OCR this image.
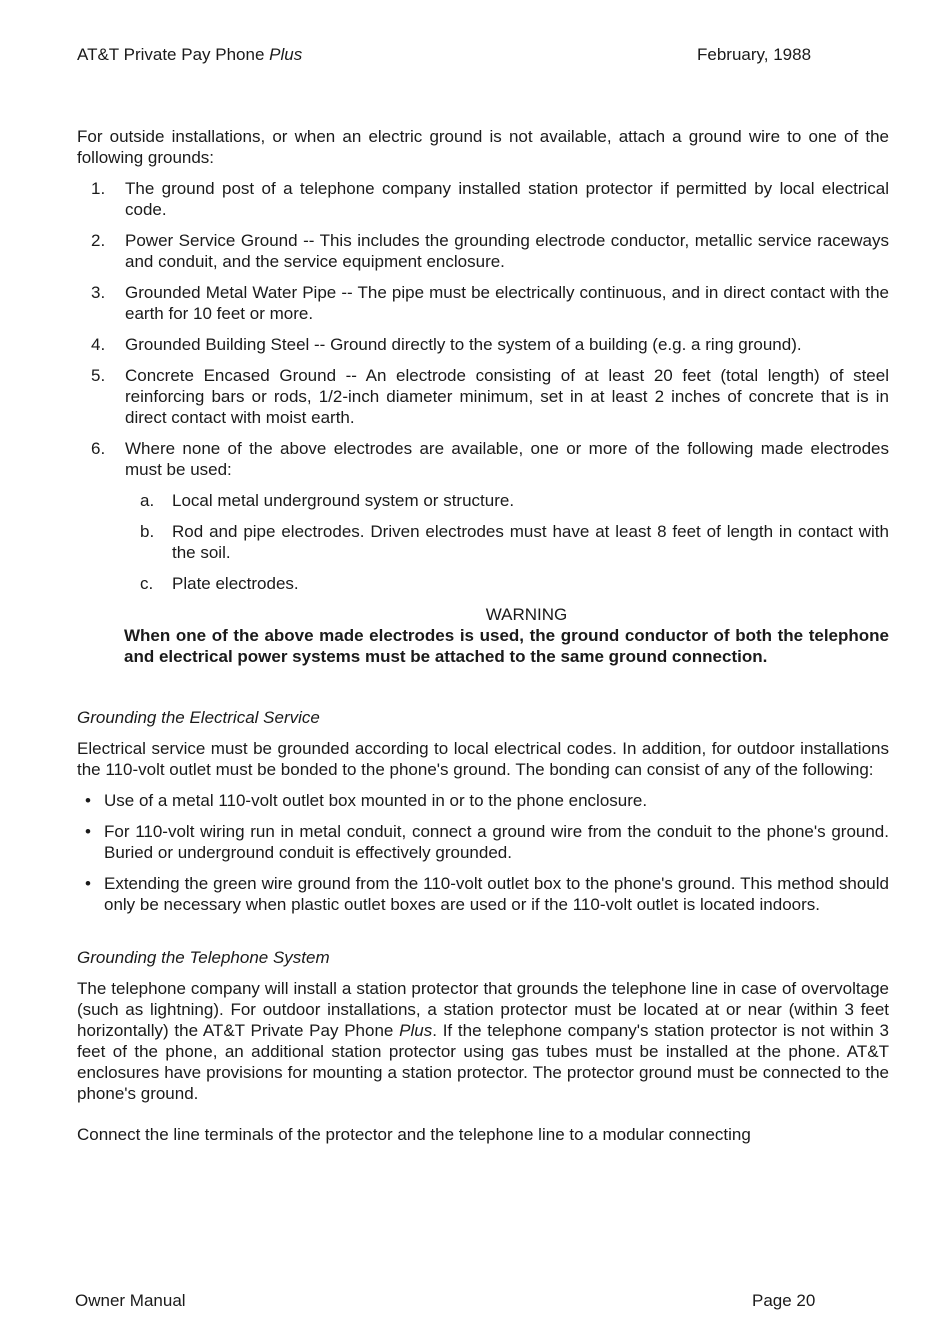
AT&T Private Pay Phone Plus	February, 1988

For outside installations, or when an electric ground is not available, attach a ground wire to one of the following grounds:

1. The ground post of a telephone company installed station protector if permitted by local electrical code.
2. Power Service Ground -- This includes the grounding electrode conductor, metallic service raceways and conduit, and the service equipment enclosure.
3. Grounded Metal Water Pipe -- The pipe must be electrically continuous, and in direct contact with the earth for 10 feet or more.
4. Grounded Building Steel -- Ground directly to the system of a building (e.g. a ring ground).
5. Concrete Encased Ground -- An electrode consisting of at least 20 feet (total length) of steel reinforcing bars or rods, 1/2-inch diameter minimum, set in at least 2 inches of concrete that is in direct contact with moist earth.
6. Where none of the above electrodes are available, one or more of the following made electrodes must be used:
a. Local metal underground system or structure.
b. Rod and pipe electrodes. Driven electrodes must have at least 8 feet of length in contact with the soil.
c. Plate electrodes.
WARNING
When one of the above made electrodes is used, the ground conductor of both the telephone and electrical power systems must be attached to the same ground connection.
Grounding the Electrical Service

Electrical service must be grounded according to local electrical codes. In addition, for outdoor installations the 110-volt outlet must be bonded to the phone's ground. The bonding can consist of any of the following:

• Use of a metal 110-volt outlet box mounted in or to the phone enclosure.
• For 110-volt wiring run in metal conduit, connect a ground wire from the conduit to the phone's ground. Buried or underground conduit is effectively grounded.
• Extending the green wire ground from the 110-volt outlet box to the phone's ground. This method should only be necessary when plastic outlet boxes are used or if the 110-volt outlet is located indoors.
Grounding the Telephone System

The telephone company will install a station protector that grounds the telephone line in case of overvoltage (such as lightning). For outdoor installations, a station protector must be located at or near (within 3 feet horizontally) the AT&T Private Pay Phone Plus. If the telephone company's station protector is not within 3 feet of the phone, an additional station protector using gas tubes must be installed at the phone. AT&T enclosures have provisions for mounting a station protector. The protector ground must be connected to the phone's ground.

Connect the line terminals of the protector and the telephone line to a modular connecting

Owner Manual	Page 20
